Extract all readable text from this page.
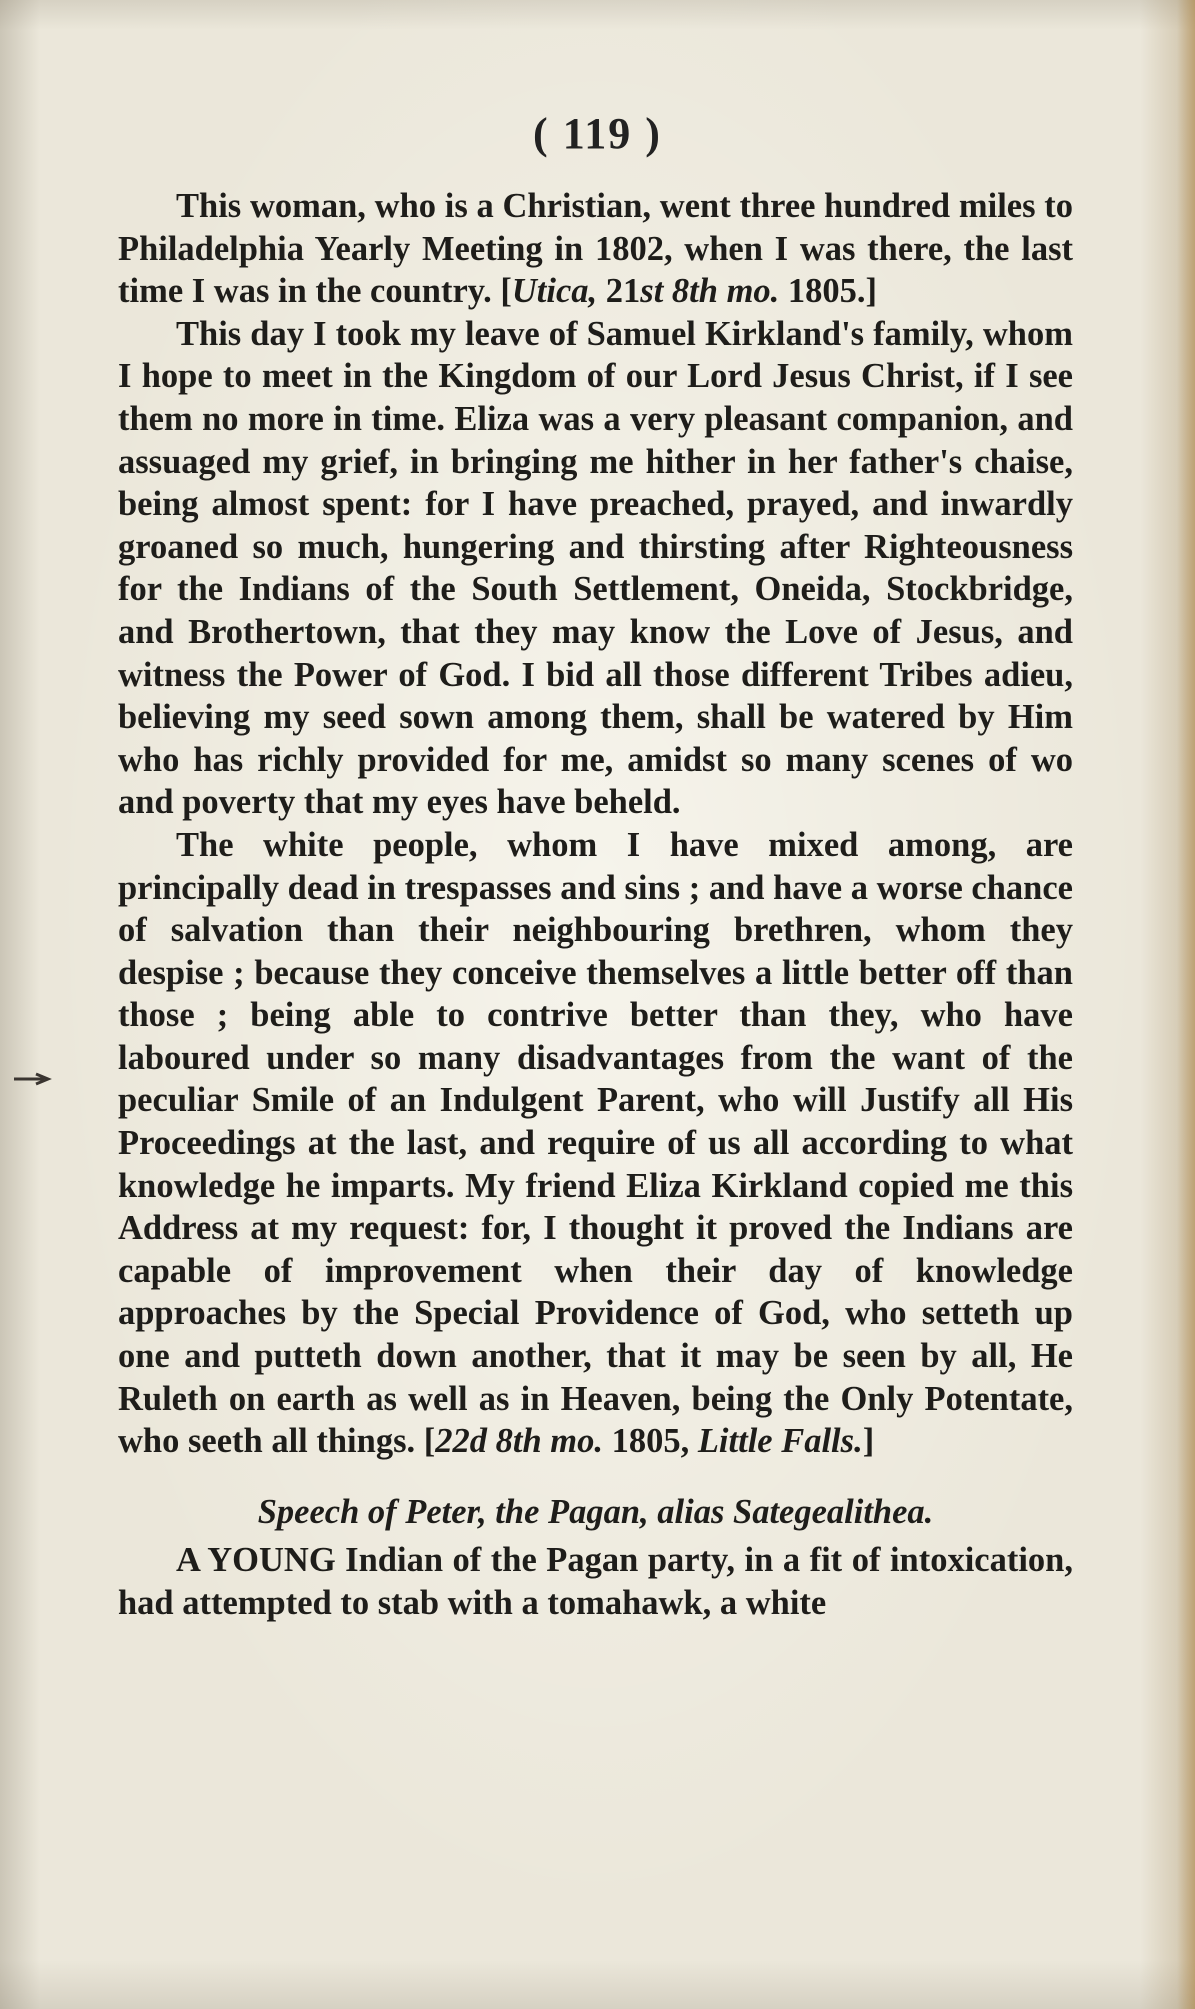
( 119 )

This woman, who is a Christian, went three hundred miles to Philadelphia Yearly Meeting in 1802, when I was there, the last time I was in the country. [Utica, 21st 8th mo. 1805.]

This day I took my leave of Samuel Kirkland's family, whom I hope to meet in the Kingdom of our Lord Jesus Christ, if I see them no more in time. Eliza was a very pleasant companion, and assuaged my grief, in bringing me hither in her father's chaise, being almost spent: for I have preached, prayed, and inwardly groaned so much, hungering and thirsting after Righteousness for the Indians of the South Settlement, Oneida, Stockbridge, and Brothertown, that they may know the Love of Jesus, and witness the Power of God. I bid all those different Tribes adieu, believing my seed sown among them, shall be watered by Him who has richly provided for me, amidst so many scenes of wo and poverty that my eyes have beheld.

The white people, whom I have mixed among, are principally dead in trespasses and sins ; and have a worse chance of salvation than their neighbouring brethren, whom they despise ; because they conceive themselves a little better off than those ; being able to contrive better than they, who have laboured under so many disadvantages from the want of the peculiar Smile of an Indulgent Parent, who will Justify all His Proceedings at the last, and require of us all according to what knowledge he imparts. My friend Eliza Kirkland copied me this Address at my request: for, I thought it proved the Indians are capable of improvement when their day of knowledge approaches by the Special Providence of God, who setteth up one and putteth down another, that it may be seen by all, He Ruleth on earth as well as in Heaven, being the Only Potentate, who seeth all things. [22d 8th mo. 1805, Little Falls.]

Speech of Peter, the Pagan, alias Sategealithea.

A YOUNG Indian of the Pagan party, in a fit of intoxication, had attempted to stab with a tomahawk, a white
